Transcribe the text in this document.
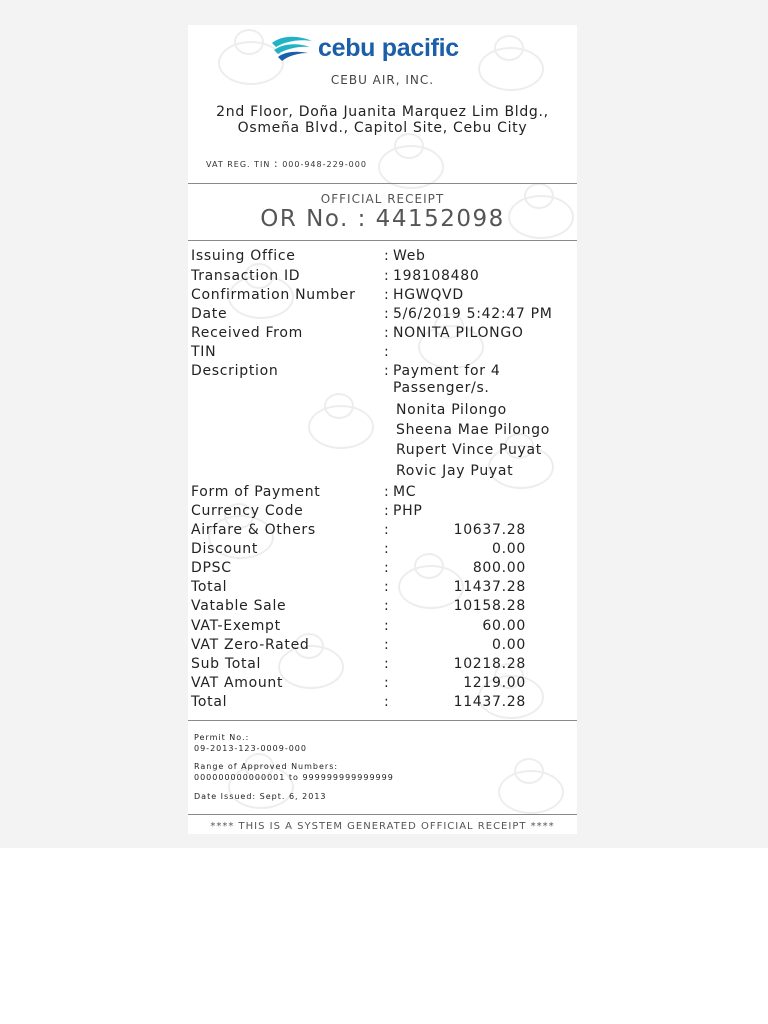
cebu pacific
CEBU AIR, INC.
2nd Floor, Doña Juanita Marquez Lim Bldg.,
Osmeña Blvd., Capitol Site, Cebu City
VAT REG. TIN : 000-948-229-000
OFFICIAL RECEIPT
OR No. : 44152098
Issuing Office	: Web
Transaction ID	: 198108480
Confirmation Number : HGWQVD
Date	: 5/6/2019 5:42:47 PM
Received From	: NONITA PILONGO
TIN	:
Description	: Payment for 4
Passenger/s.
Nonita Pilongo
Sheena Mae Pilongo
Rupert Vince Puyat
Rovic Jay Puyat
Form of Payment	: MC
Currency Code	: PHP
Airfare & Others	:	10637.28
Discount	:	0.00
DPSC	:	800.00
Total	:	11437.28
Vatable Sale	:	10158.28
VAT-Exempt	:	60.00
VAT Zero-Rated	:	0.00
Sub Total	:	10218.28
VAT Amount	:	1219.00
Total	:	11437.28
Permit No.:
09-2013-123-0009-000
Range of Approved Numbers:
000000000000001 to 999999999999999
Date Issued: Sept. 6, 2013
**** THIS IS A SYSTEM GENERATED OFFICIAL RECEIPT ****
